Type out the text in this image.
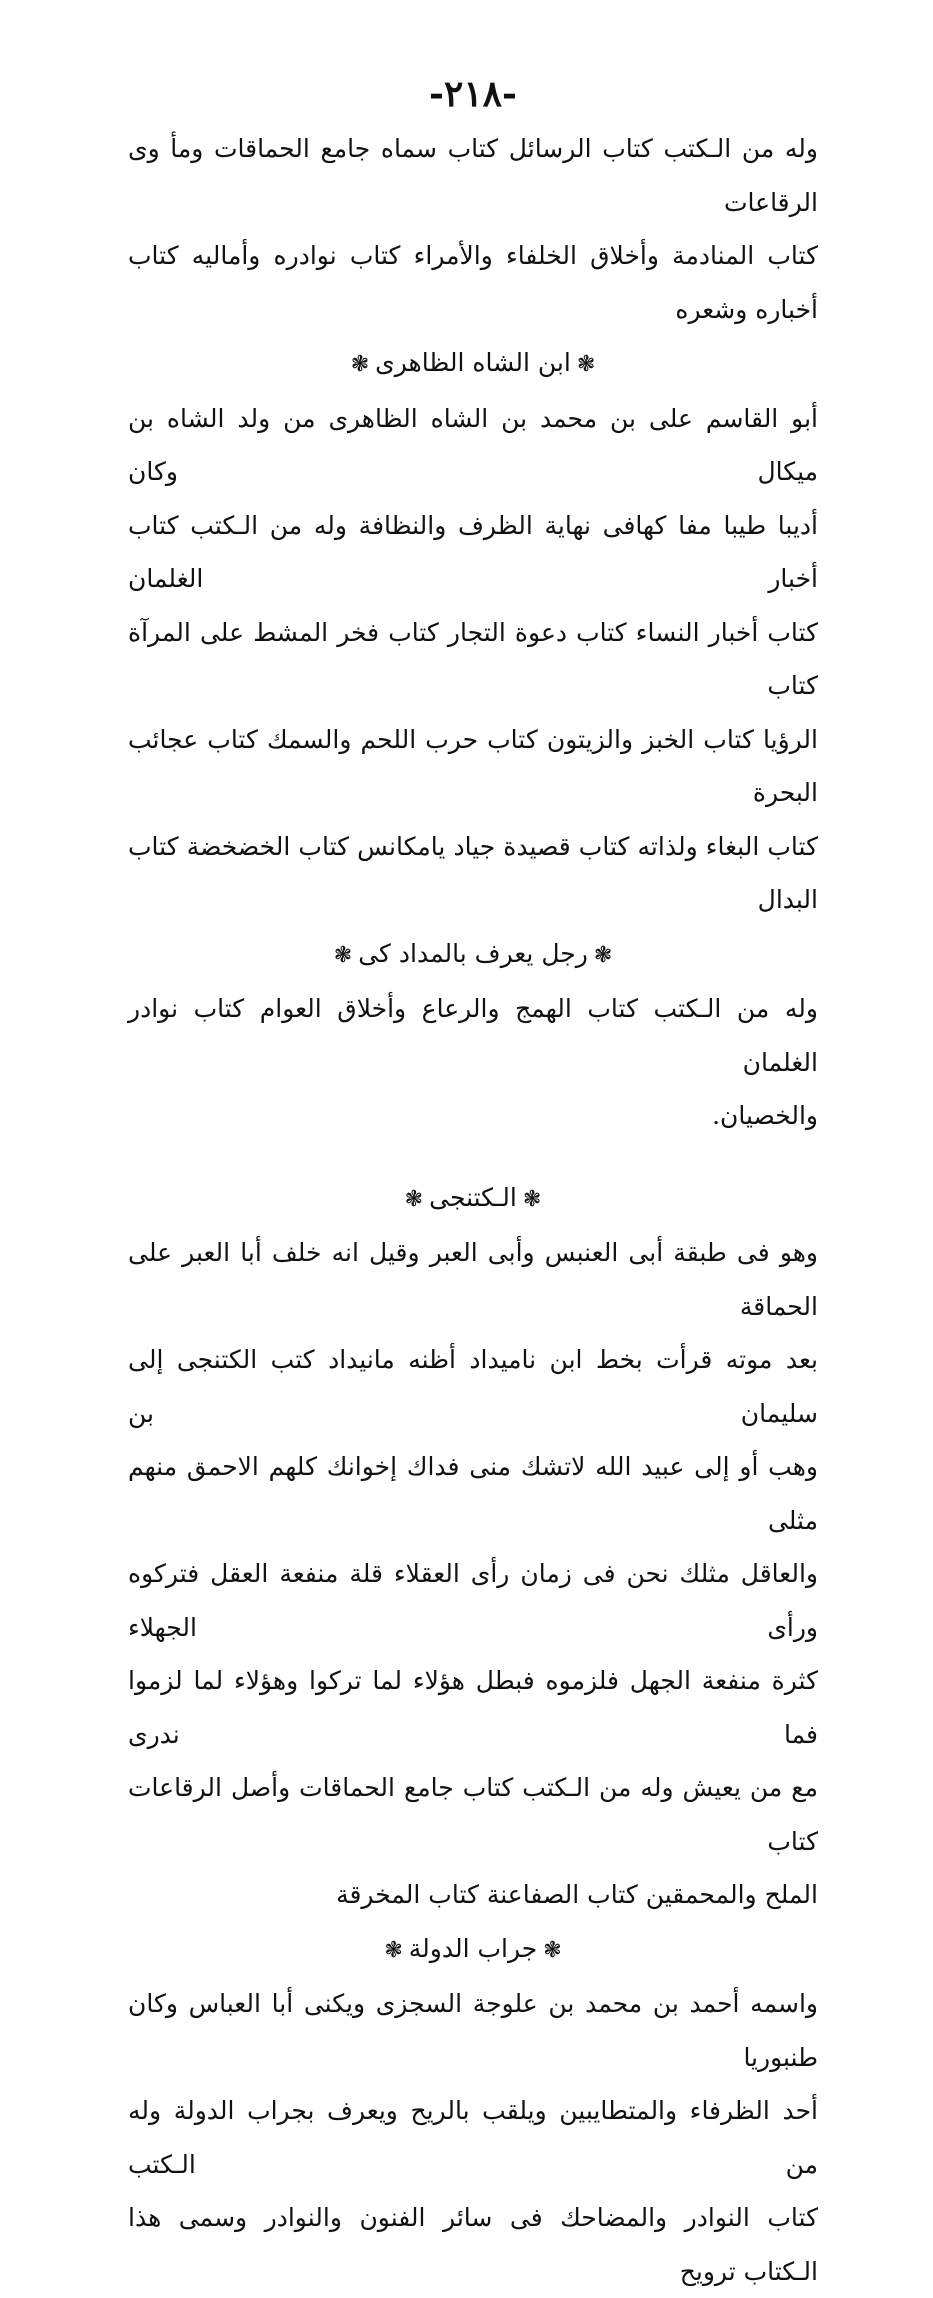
-٢١٨-

وله من الـكتب كتاب الرسائل كتاب سماه جامع الحماقات ومأ وى الرقاعات

كتاب المنادمة وأخلاق الخلفاء والأمراء كتاب نوادره وأماليه كتاب

أخباره وشعره

❃ابن الشاه الظاهرى❃

أبو القاسم على بن محمد بن الشاه الظاهرى من ولد الشاه بن ميكال وكان

أديبا طيبا مفا كهافى نهاية الظرف والنظافة وله من الـكتب كتاب أخبار الغلمان

كتاب أخبار النساء كتاب دعوة التجار كتاب فخر المشط على المرآة كتاب

الرؤيا كتاب الخبز والزيتون كتاب حرب اللحم والسمك كتاب عجائب البحرة

كتاب البغاء ولذاته كتاب قصيدة جياد يامكانس كتاب الخضخضة كتاب البدال

❃رجل يعرف بالمداد كى❃

وله من الـكتب كتاب الهمج والرعاع وأخلاق العوام كتاب نوادر الغلمان

والخصيان.

❃الـكتنجى❃

وهو فى طبقة أبى العنبس وأبى العبر وقيل انه خلف أبا العبر على الحماقة

بعد موته قرأت بخط ابن ناميداد أظنه مانيداد كتب الكتنجى إلى سليمان بن

وهب أو إلى عبيد الله لاتشك منى فداك إخوانك كلهم الاحمق منهم مثلى

والعاقل مثلك نحن فى زمان رأى العقلاء قلة منفعة العقل فتركوه ورأى الجهلاء

كثرة منفعة الجهل فلزموه فبطل هؤلاء لما تركوا وهؤلاء لما لزموا فما ندرى

مع من يعيش وله من الـكتب كتاب جامع الحماقات وأصل الرقاعات كتاب

الملح والمحمقين كتاب الصفاعنة كتاب المخرقة

❃جراب الدولة❃

واسمه أحمد بن محمد بن علوجة السجزى ويكنى أبا العباس وكان طنبوريا

أحد الظرفاء والمتطايبين ويلقب بالريح ويعرف بجراب الدولة وله من الـكتب

كتاب النوادر والمضاحك فى سائر الفنون والنوادر وسمى هذا الـكتاب ترويح
